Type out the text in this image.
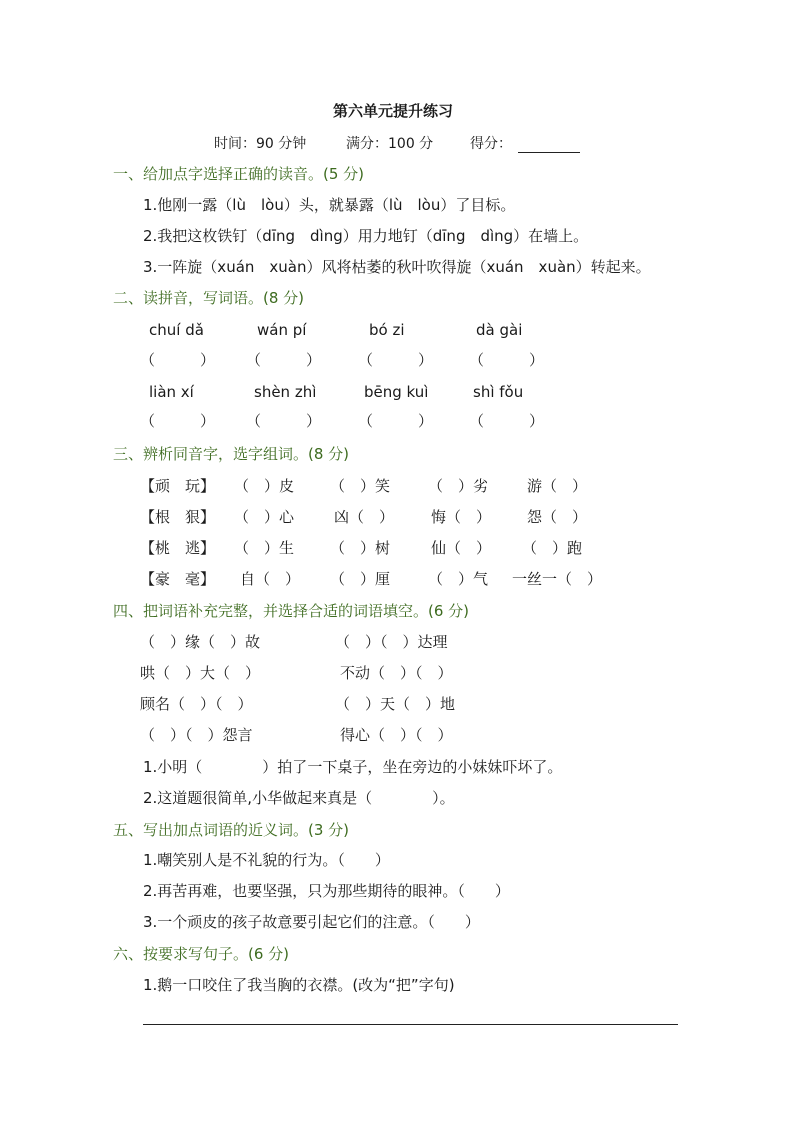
第六单元提升练习
时间：90 分钟	满分：100 分	得分：
一、给加点字选择正确的读音。(5 分)
1.他刚一露（lù　lòu）头，就暴露（lù　lòu）了目标。
2.我把这枚铁钉（dīng　dìng）用力地钉（dīng　dìng）在墙上。
3.一阵旋（xuán　xuàn）风将枯萎的秋叶吹得旋（xuán　xuàn）转起来。
二、读拼音，写词语。(8 分)
chuí dǎ	wán pí	bó zi	dà gài
（　　　） （　　　） （　　　） （　　　）
liàn xí	shèn zhì	bēng kuì	shì fǒu
（　　　） （　　　） （　　　） （　　　）
三、辨析同音字，选字组词。(8 分)
【顽　玩】 （　）皮 （　）笑	（　）劣	游（　）
【根　狠】 （　）心	凶（　） 悔（　） 怨（　）
【桃　逃】 （　）生 （　）树	仙（　） （　）跑
【豪　毫】 自（　） （　）厘	（　）气 一丝一（　）
四、把词语补充完整，并选择合适的词语填空。(6 分)
（　）缘（　）故	（　）（　）达理
哄（　）大（　）	不动（　）（　）
顾名（　）（　）	（　）天（　）地
（　）（　）怨言	得心（　）（　）
1.小明（　　　　）拍了一下桌子，坐在旁边的小妹妹吓坏了。
2.这道题很简单,小华做起来真是（　　　　）。
五、写出加点词语的近义词。(3 分)
1.嘲笑别人是不礼貌的行为。（　　）
2.再苦再难，也要坚强，只为那些期待的眼神。（　　）
3.一个顽皮的孩子故意要引起它们的注意。（　　）
六、按要求写句子。(6 分)
1.鹅一口咬住了我当胸的衣襟。(改为“把”字句)
